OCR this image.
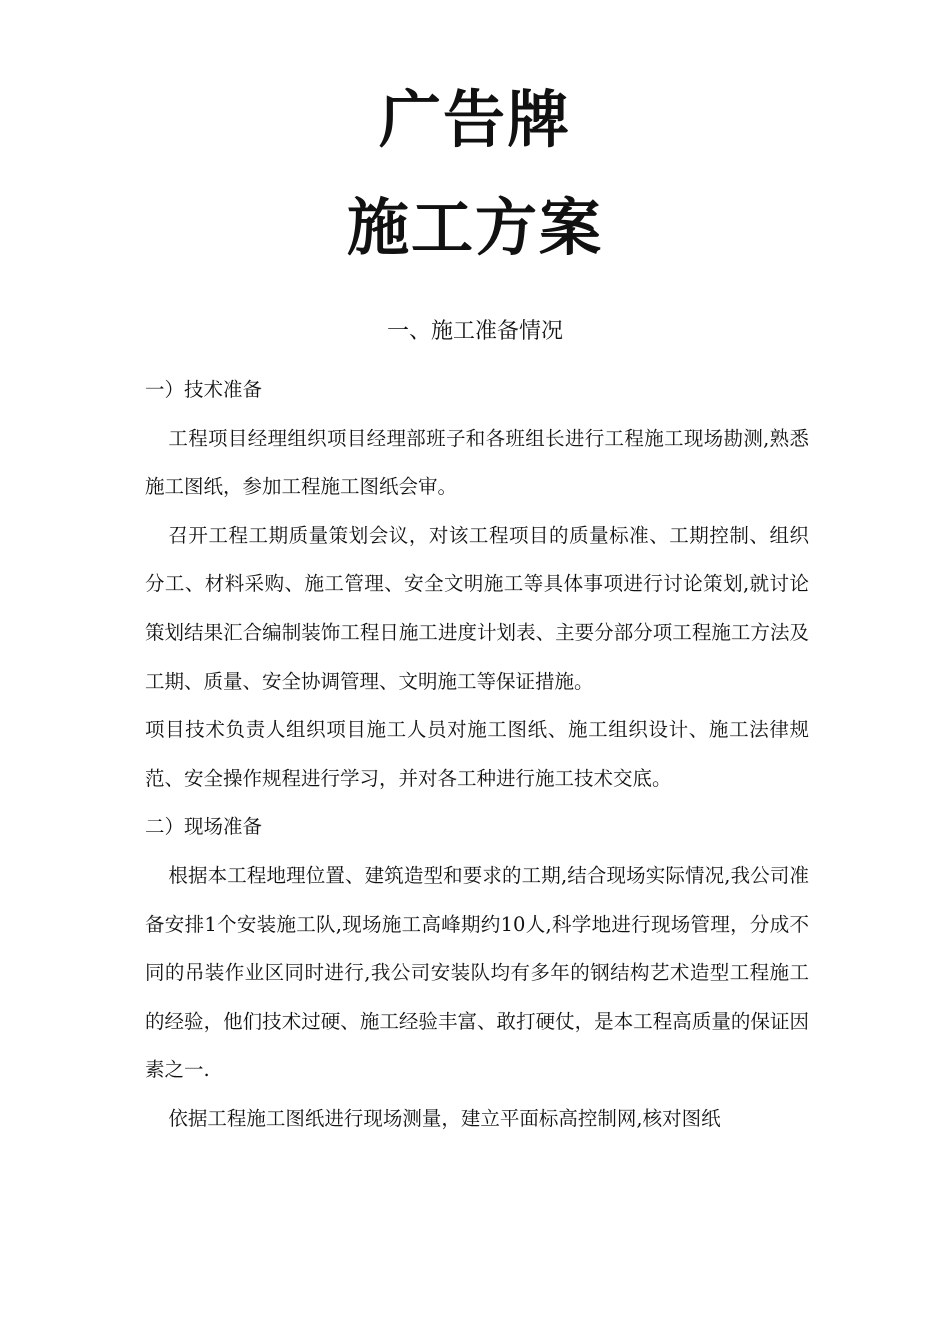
广告牌
施工方案
一、施工准备情况

一）技术准备

工程项目经理组织项目经理部班子和各班组长进行工程施工现场勘测,熟悉施工图纸，参加工程施工图纸会审。

召开工程工期质量策划会议，对该工程项目的质量标准、工期控制、组织分工、材料采购、施工管理、安全文明施工等具体事项进行讨论策划,就讨论策划结果汇合编制装饰工程日施工进度计划表、主要分部分项工程施工方法及工期、质量、安全协调管理、文明施工等保证措施。

项目技术负责人组织项目施工人员对施工图纸、施工组织设计、施工法律规范、安全操作规程进行学习，并对各工种进行施工技术交底。

二）现场准备

根据本工程地理位置、建筑造型和要求的工期,结合现场实际情况,我公司准备安排1个安装施工队,现场施工高峰期约10人,科学地进行现场管理，分成不同的吊装作业区同时进行,我公司安装队均有多年的钢结构艺术造型工程施工的经验，他们技术过硬、施工经验丰富、敢打硬仗，是本工程高质量的保证因素之一.

依据工程施工图纸进行现场测量，建立平面标高控制网,核对图纸
